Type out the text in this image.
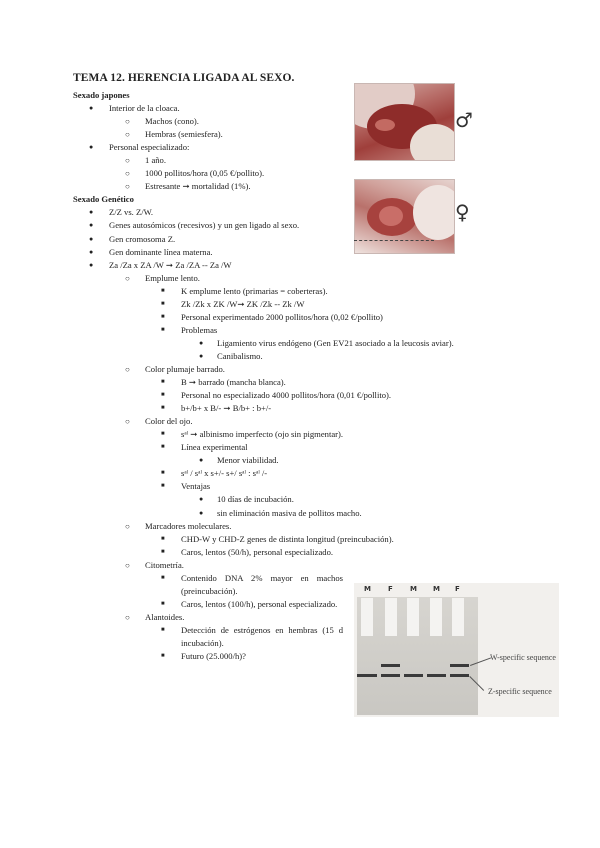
TEMA 12. HERENCIA LIGADA AL SEXO.
Sexado japones
● Interior de la cloaca.
○ Machos (cono).
○ Hembras (semiesfera).
● Personal especializado:
○ 1 año.
○ 1000 pollitos/hora (0,05 €/pollito).
○ Estresante ➞ mortalidad (1%).
Sexado Genético
● Z/Z vs. Z/W.
● Genes autosómicos (recesivos) y un gen ligado al sexo.
● Gen cromosoma Z.
● Gen dominante línea materna.
● Za /Za x ZA /W ➞ Za /ZA -- Za /W
○ Emplume lento.
■ K emplume lento (primarias = coberteras).
■ Zk /Zk x ZK /W➞ ZK /Zk -- Zk /W
■ Personal experimentado 2000 pollitos/hora (0,02 €/pollito)
■ Problemas
● Ligamiento virus endógeno (Gen EV21 asociado a la leucosis aviar).
● Canibalismo.
○ Color plumaje barrado.
■ B ➞ barrado (mancha blanca).
■ Personal no especializado 4000 pollitos/hora (0,01 €/pollito).
■ b+/b+ x B/- ➞ B/b+ : b+/-
○ Color del ojo.
■ sᵃˡ ➞ albinismo imperfecto (ojo sin pigmentar).
■ Línea experimental
● Menor viabilidad.
■ sᵃˡ / sᵃˡ x s+/- s+/ sᵃˡ : sᵃˡ /-
■ Ventajas
● 10 días de incubación.
● sin eliminación masiva de pollitos macho.
○ Marcadores moleculares.
■ CHD-W y CHD-Z genes de distinta longitud (preincubación).
■ Caros, lentos (50/h), personal especializado.
○ Citometría.
■ Contenido DNA 2% mayor en machos (preincubación).
■ Caros, lentos (100/h), personal especializado.
○ Alantoides.
■ Detección de estrógenos en hembras (15 d incubación).
■ Futuro (25.000/h)?
♂
♀
M F M M F
W-specific sequence
Z-specific sequence
